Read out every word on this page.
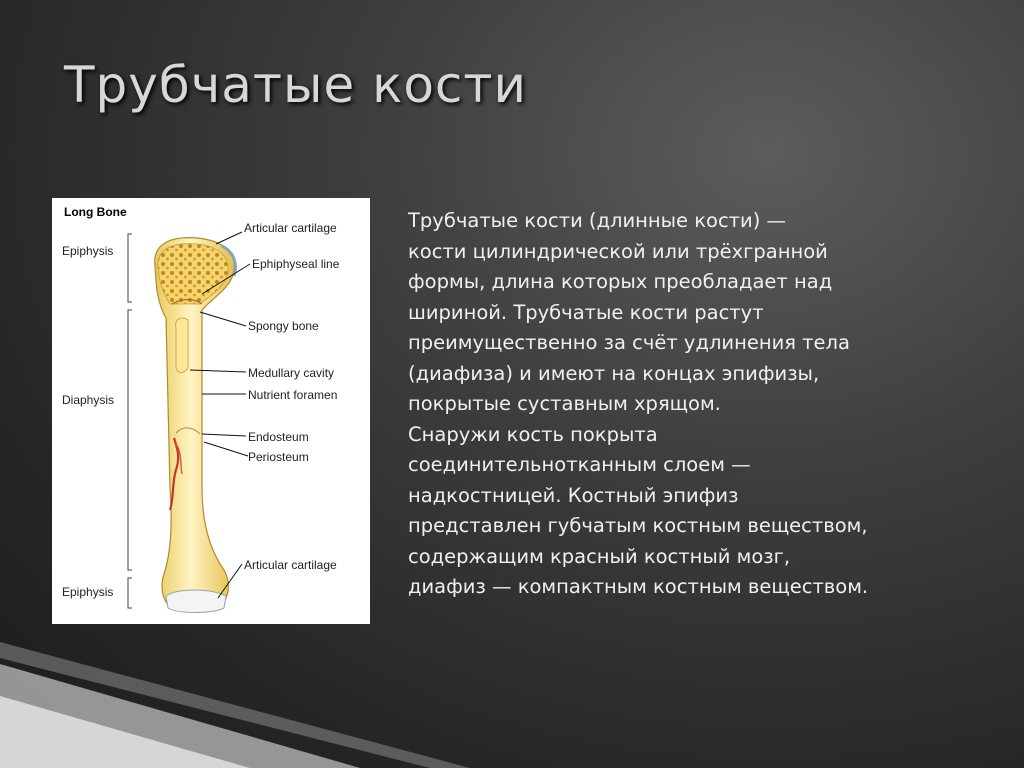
Трубчатые кости
Long Bone
Epiphysis
Diaphysis
Epiphysis
Articular cartilage
Ephiphyseal line
Spongy bone
Medullary cavity
Nutrient foramen
Endosteum
Periosteum
Articular cartilage
Трубчатые кости (длинные кости) —
кости цилиндрической или трёхгранной
формы, длина которых преобладает над
шириной. Трубчатые кости растут
преимущественно за счёт удлинения тела
(диафиза) и имеют на концах эпифизы,
покрытые суставным хрящом.
Снаружи кость покрыта
соединительнотканным слоем —
надкостницей. Костный эпифиз
представлен губчатым костным веществом,
содержащим красный костный мозг,
диафиз — компактным костным веществом.
